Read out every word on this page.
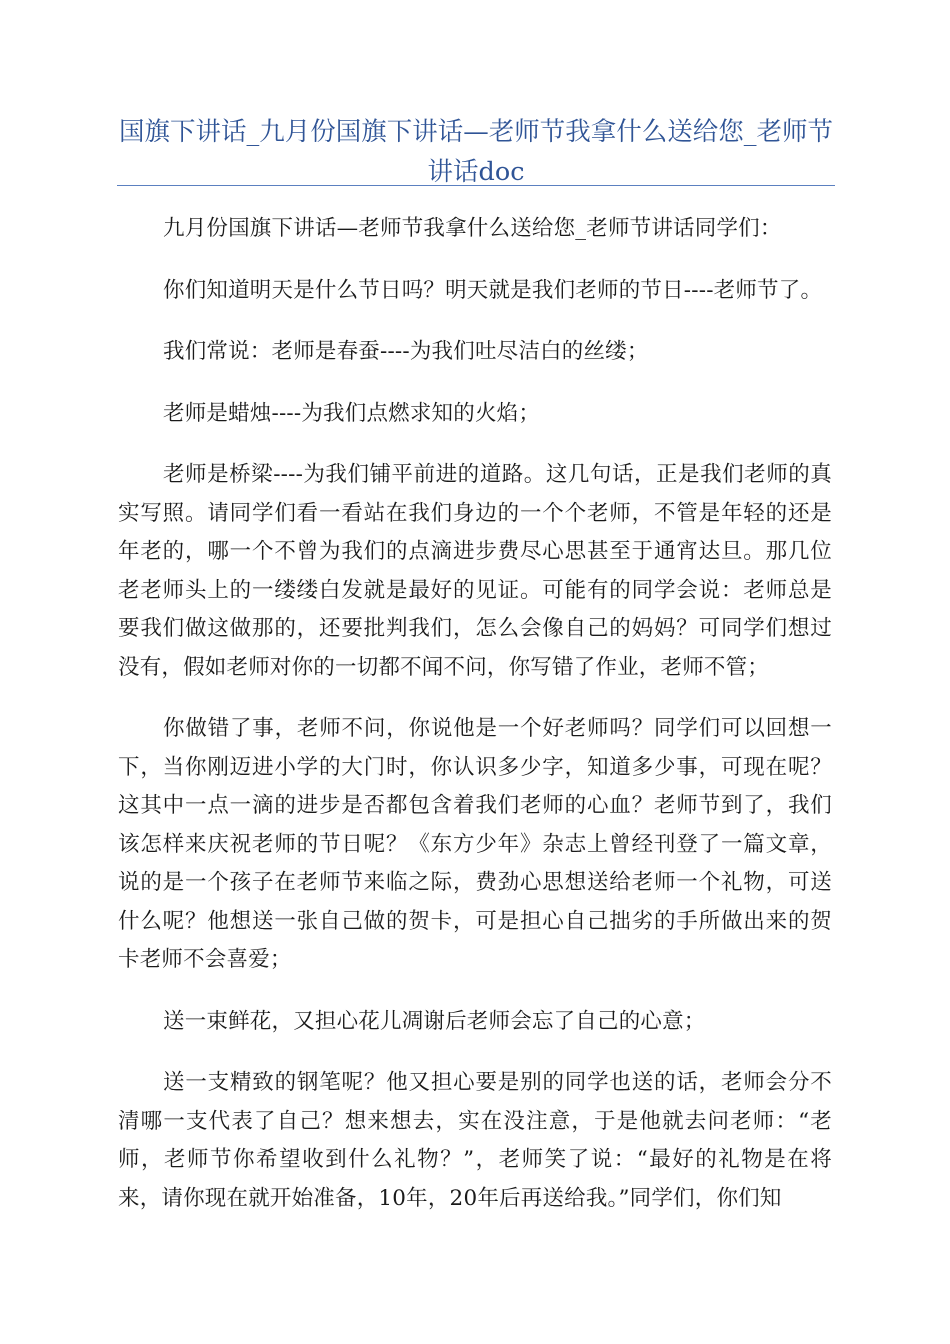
国旗下讲话_九月份国旗下讲话—老师节我拿什么送给您_老师节讲话doc

九月份国旗下讲话—老师节我拿什么送给您_老师节讲话同学们：

你们知道明天是什么节日吗？明天就是我们老师的节日----老师节了。

我们常说：老师是春蚕----为我们吐尽洁白的丝缕；

老师是蜡烛----为我们点燃求知的火焰；

老师是桥梁----为我们铺平前进的道路。这几句话，正是我们老师的真实写照。请同学们看一看站在我们身边的一个个老师，不管是年轻的还是年老的，哪一个不曾为我们的点滴进步费尽心思甚至于通宵达旦。那几位老老师头上的一缕缕白发就是最好的见证。可能有的同学会说：老师总是要我们做这做那的，还要批判我们，怎么会像自己的妈妈？可同学们想过没有，假如老师对你的一切都不闻不问，你写错了作业，老师不管；

你做错了事，老师不问，你说他是一个好老师吗？同学们可以回想一下，当你刚迈进小学的大门时，你认识多少字，知道多少事，可现在呢？这其中一点一滴的进步是否都包含着我们老师的心血？老师节到了，我们该怎样来庆祝老师的节日呢？《东方少年》杂志上曾经刊登了一篇文章，说的是一个孩子在老师节来临之际，费劲心思想送给老师一个礼物，可送什么呢？他想送一张自己做的贺卡，可是担心自己拙劣的手所做出来的贺卡老师不会喜爱；

送一束鲜花，又担心花儿凋谢后老师会忘了自己的心意；

送一支精致的钢笔呢？他又担心要是别的同学也送的话，老师会分不清哪一支代表了自己？想来想去，实在没注意，于是他就去问老师：“老师，老师节你希望收到什么礼物？”，老师笑了说：“最好的礼物是在将来，请你现在就开始准备，10年，20年后再送给我。”同学们，你们知
